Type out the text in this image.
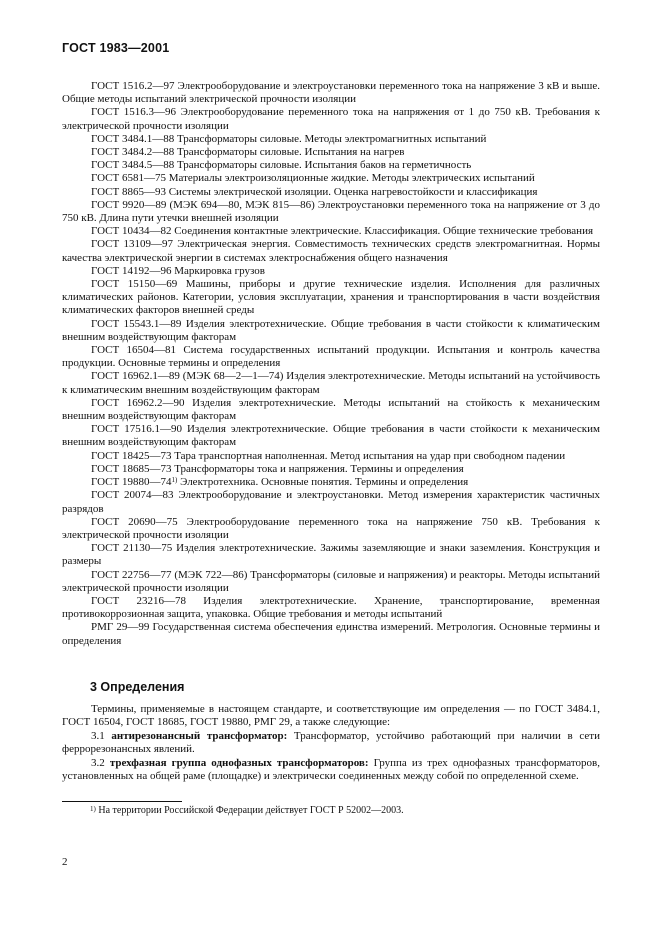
ГОСТ 1983—2001

ГОСТ 1516.2—97 Электрооборудование и электроустановки переменного тока на напряжение 3 кВ и выше. Общие методы испытаний электрической прочности изоляции

ГОСТ 1516.3—96 Электрооборудование переменного тока на напряжения от 1 до 750 кВ. Требования к электрической прочности изоляции

ГОСТ 3484.1—88 Трансформаторы силовые. Методы электромагнитных испытаний

ГОСТ 3484.2—88 Трансформаторы силовые. Испытания на нагрев

ГОСТ 3484.5—88 Трансформаторы силовые. Испытания баков на герметичность

ГОСТ 6581—75 Материалы электроизоляционные жидкие. Методы электрических испытаний

ГОСТ 8865—93 Системы электрической изоляции. Оценка нагревостойкости и классификация

ГОСТ 9920—89 (МЭК 694—80, МЭК 815—86) Электроустановки переменного тока на напряжение от 3 до 750 кВ. Длина пути утечки внешней изоляции

ГОСТ 10434—82 Соединения контактные электрические. Классификация. Общие технические требования

ГОСТ 13109—97 Электрическая энергия. Совместимость технических средств электромагнитная. Нормы качества электрической энергии в системах электроснабжения общего назначения

ГОСТ 14192—96 Маркировка грузов

ГОСТ 15150—69 Машины, приборы и другие технические изделия. Исполнения для различных климатических районов. Категории, условия эксплуатации, хранения и транспортирования в части воздействия климатических факторов внешней среды

ГОСТ 15543.1—89 Изделия электротехнические. Общие требования в части стойкости к климатическим внешним воздействующим факторам

ГОСТ 16504—81 Система государственных испытаний продукции. Испытания и контроль качества продукции. Основные термины и определения

ГОСТ 16962.1—89 (МЭК 68—2—1—74) Изделия электротехнические. Методы испытаний на устойчивость к климатическим внешним воздействующим факторам

ГОСТ 16962.2—90 Изделия электротехнические. Методы испытаний на стойкость к механическим внешним воздействующим факторам

ГОСТ 17516.1—90 Изделия электротехнические. Общие требования в части стойкости к механическим внешним воздействующим факторам

ГОСТ 18425—73 Тара транспортная наполненная. Метод испытания на удар при свободном падении

ГОСТ 18685—73 Трансформаторы тока и напряжения. Термины и определения

ГОСТ 19880—74$^{1)}$ Электротехника. Основные понятия. Термины и определения

ГОСТ 20074—83 Электрооборудование и электроустановки. Метод измерения характеристик частичных разрядов

ГОСТ 20690—75 Электрооборудование переменного тока на напряжение 750 кВ. Требования к электрической прочности изоляции

ГОСТ 21130—75 Изделия электротехнические. Зажимы заземляющие и знаки заземления. Конструкция и размеры

ГОСТ 22756—77 (МЭК 722—86) Трансформаторы (силовые и напряжения) и реакторы. Методы испытаний электрической прочности изоляции

ГОСТ 23216—78 Изделия электротехнические. Хранение, транспортирование, временная противокоррозионная защита, упаковка. Общие требования и методы испытаний

РМГ 29—99 Государственная система обеспечения единства измерений. Метрология. Основные термины и определения

3 Определения

Термины, применяемые в настоящем стандарте, и соответствующие им определения — по ГОСТ 3484.1, ГОСТ 16504, ГОСТ 18685, ГОСТ 19880, РМГ 29, а также следующие:

3.1 антирезонансный трансформатор: Трансформатор, устойчиво работающий при наличии в сети феррорезонансных явлений.

3.2 трехфазная группа однофазных трансформаторов: Группа из трех однофазных трансформаторов, установленных на общей раме (площадке) и электрически соединенных между собой по определенной схеме.

$^{1)}$ На территории Российской Федерации действует ГОСТ Р 52002—2003.
2
